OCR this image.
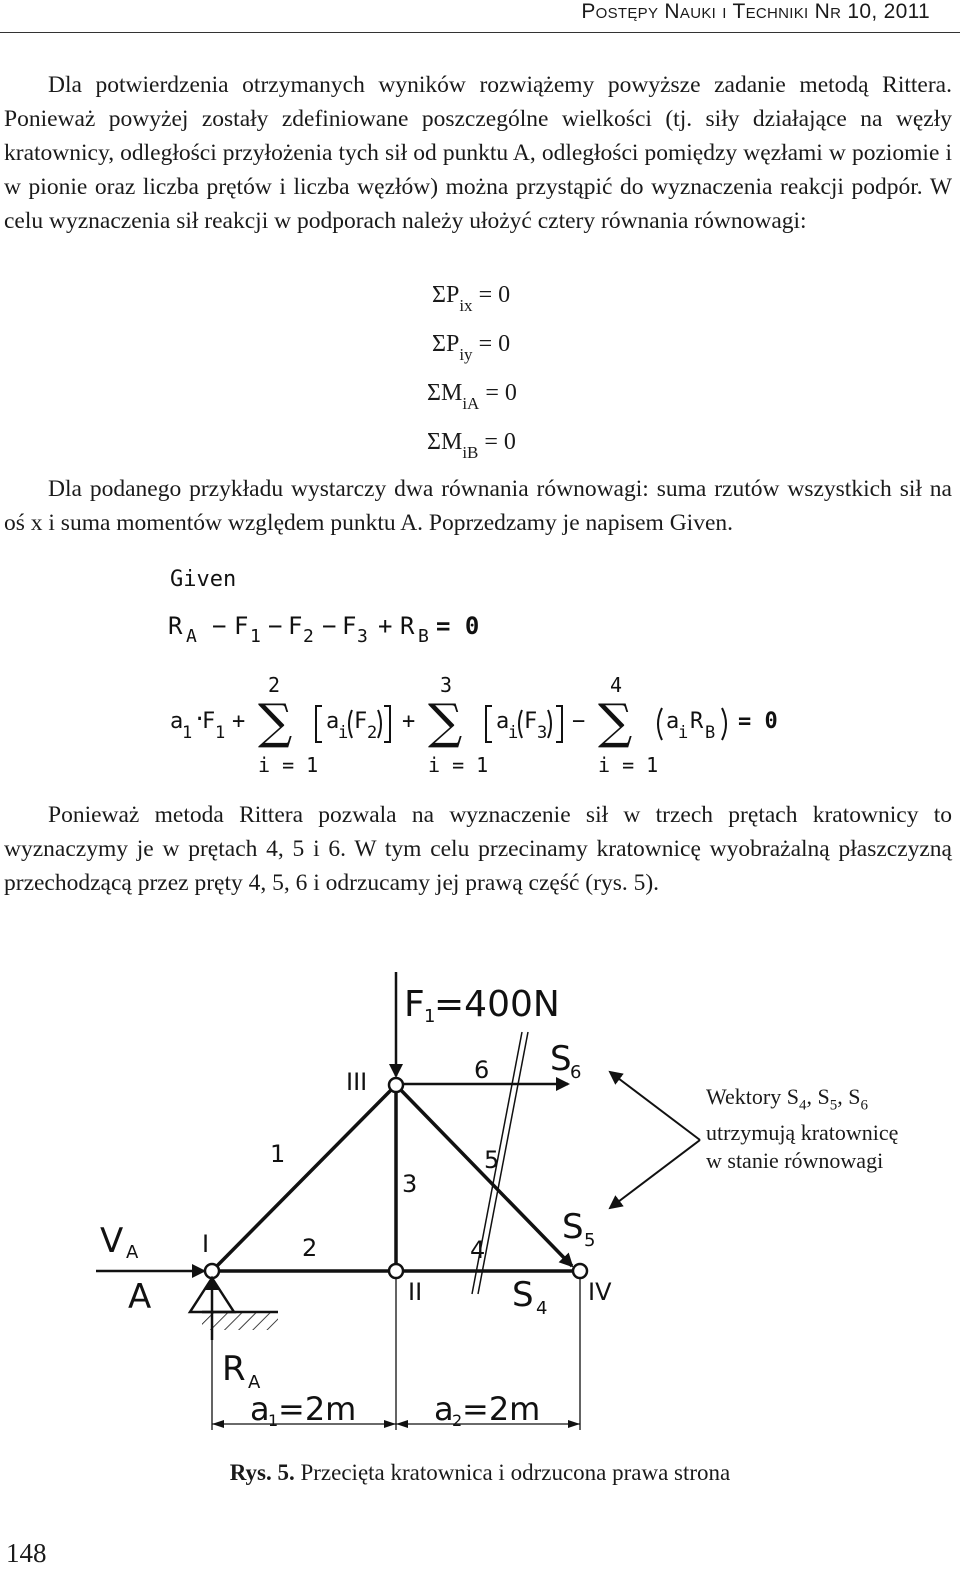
Postępy Nauki i Techniki Nr 10, 2011

Dla potwierdzenia otrzymanych wyników rozwiążemy powyższe zadanie metodą Rittera. Ponieważ powyżej zostały zdefiniowane poszczególne wielkości (tj. siły działające na węzły kratownicy, odległości przyłożenia tych sił od punktu A, odległości pomiędzy węzłami w poziomie i w pionie oraz liczba prętów i liczba węzłów) można przystąpić do wyznaczenia reakcji podpór. W celu wyznaczenia sił reakcji w podporach należy ułożyć cztery równania równowagi:

$\Sigma P_{ix} = 0$
$\Sigma P_{iy} = 0$
$\Sigma M_{iA} = 0$
$\Sigma M_{iB} = 0$

Dla podanego przykładu wystarczy dwa równania równowagi: suma rzutów wszystkich sił na oś x i suma momentów względem punktu A. Poprzedzamy je napisem Given.

Given
R A − F 1 − F 2 − F 3 + R B = 0
a
1
·
F 1 +
2
∑
i = 1
a
i F 2 +
3
∑
i = 1
a
i F 3 −
4
∑
i = 1
a
i R B = 0

Ponieważ metoda Rittera pozwala na wyznaczenie sił w trzech prętach kratownicy to wyznaczymy je w prętach 4, 5 i 6. W tym celu przecinamy kratownicę wyobrażalną płaszczyzną przechodzącą przez pręty 4, 5, 6 i odrzucamy jej prawą część (rys. 5).

F 1
=400N
III
I
II	IV
1
2
3
4
5
6 S
6
S 5
S 4
V A
A
R A
a
1 =2m a
2 =2m
Wektory $S_4$, $S_5$, $S_6$
utrzymują kratownicę
w stanie równowagi
Rys. 5. Przecięta kratownica i odrzucona prawa strona
148
